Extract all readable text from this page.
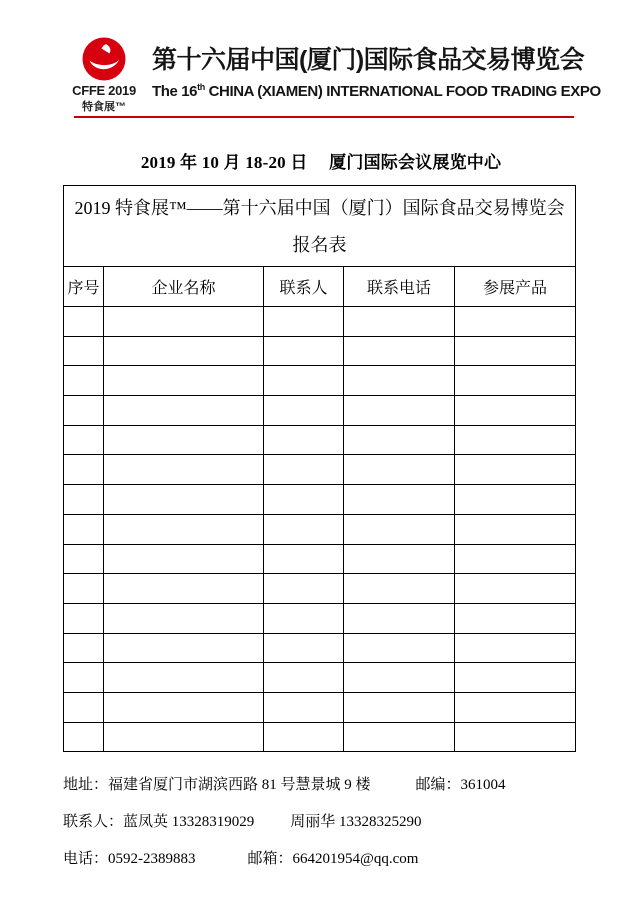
CFFE 2019
特食展™
第十六届中国(厦门)国际食品交易博览会
The 16th CHINA (XIAMEN) INTERNATIONAL FOOD TRADING EXPO
2019 年 10 月 18-20 日　 厦门国际会议展览中心
2019 特食展™——第十六届中国（厦门）国际食品交易博览会
报名表				

序号	企业名称	联系人	联系电话	参展产品

地址：福建省厦门市湖滨西路 81 号慧景城 9 楼	邮编：361004
联系人：蓝凤英 13328319029 周丽华 13328325290
电话：0592-2389883	邮箱：664201954@qq.com
